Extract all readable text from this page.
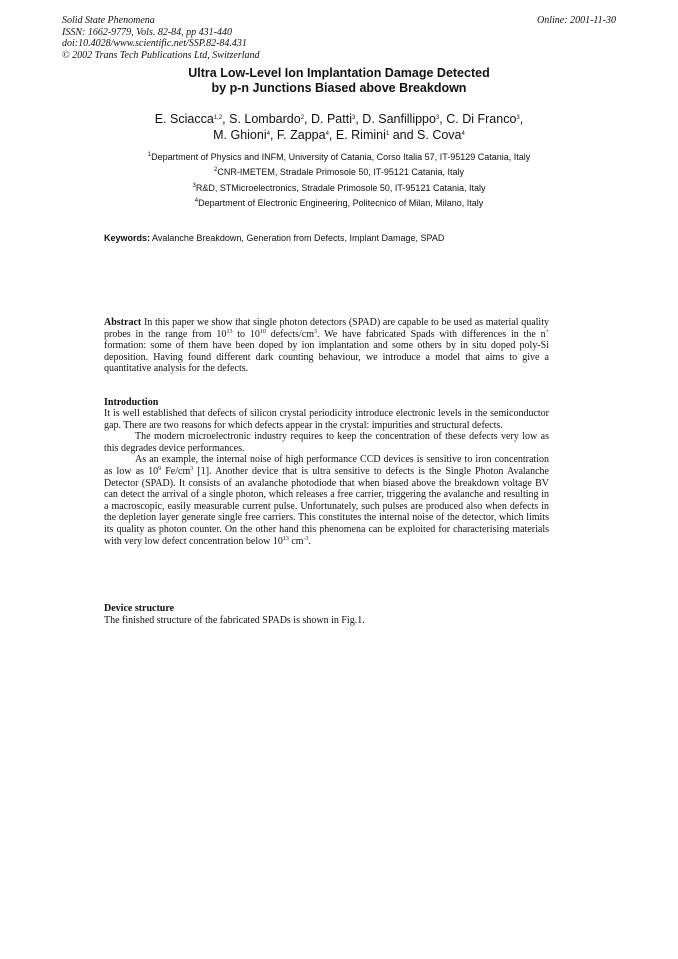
Solid State Phenomena
ISSN: 1662-9779, Vols. 82-84, pp 431-440
doi:10.4028/www.scientific.net/SSP.82-84.431
© 2002 Trans Tech Publications Ltd, Switzerland
Online: 2001-11-30
Ultra Low-Level Ion Implantation Damage Detected
by p-n Junctions Biased above Breakdown
E. Sciacca$^{1,2}$, S. Lombardo$^2$, D. Patti$^3$, D. Sanfillippo$^3$, C. Di Franco$^3$,
M. Ghioni$^4$, F. Zappa$^4$, E. Rimini$^1$ and S. Cova$^4$
$^1$Department of Physics and INFM, University of Catania, Corso Italia 57, IT-95129 Catania, Italy
$^2$CNR-IMETEM, Stradale Primosole 50, IT-95121 Catania, Italy
$^3$R&D, STMicroelectronics, Stradale Primosole 50, IT-95121 Catania, Italy
$^4$Department of Electronic Engineering, Politecnico of Milan, Milano, Italy
Keywords: Avalanche Breakdown, Generation from Defects, Implant Damage, SPAD

Abstract In this paper we show that single photon detectors (SPAD) are capable to be used as material quality probes in the range from $10^{13}$ to $10^{10}$ defects/$cm^3$. We have fabricated Spads with differences in the n+ formation: some of them have been doped by ion implantation and some others by in situ doped poly-Si deposition. Having found different dark counting behaviour, we introduce a model that aims to give a quantitative analysis for the defects.

Introduction

It is well established that defects of silicon crystal periodicity introduce electronic levels in the semiconductor gap. There are two reasons for which defects appear in the crystal: impurities and structural defects.

The modern microelectronic industry requires to keep the concentration of these defects very low as this degrades device performances.

As an example, the internal noise of high performance CCD devices is sensitive to iron concentration as low as $10^9$ $Fe/cm^3$ [1]. Another device that is ultra sensitive to defects is the Single Photon Avalanche Detector (SPAD). It consists of an avalanche photodiode that when biased above the breakdown voltage BV can detect the arrival of a single photon, which releases a free carrier, triggering the avalanche and resulting in a macroscopic, easily measurable current pulse. Unfortunately, such pulses are produced also when defects in the depletion layer generate single free carriers. This constitutes the internal noise of the detector, which limits its quality as photon counter. On the other hand this phenomena can be exploited for characterising materials with very low defect concentration below $10^{13}$ $cm^{-3}$.

Device structure
The finished structure of the fabricated SPADs is shown in Fig.1.
